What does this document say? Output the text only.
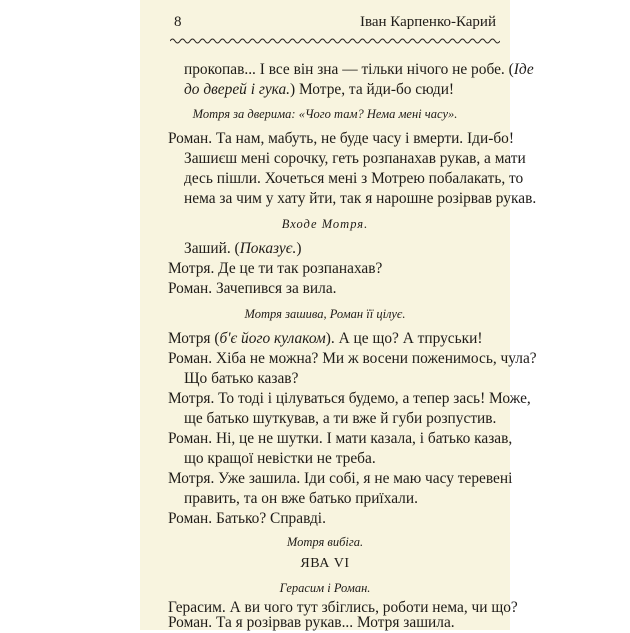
8	Іван Карпенко-Карий
прокопав... І все він зна — тільки нічого не робе. (Іде
до дверей і гука.) Мотре, та йди-бо сюди!
Мотря за дверима: «Чого там? Нема мені часу».
Роман. Та нам, мабуть, не буде часу і вмерти. Іди-бо!
Зашиєш мені сорочку, геть розпанахав рукав, а мати
десь пішли. Хочеться мені з Мотрею побалакать, то
нема за чим у хату йти, так я нарошне розірвав рукав.
Входе Мотря.
Заший. (Показує.)
Мотря. Де це ти так розпанахав?
Роман. Зачепився за вила.
Мотря зашива, Роман її цілує.
Мотря (б'є його кулаком). А це що? А тпруськи!
Роман. Хіба не можна? Ми ж восени поженимось, чула?
Що батько казав?
Мотря. То тоді і цілуваться будемо, а тепер зась! Може,
ще батько шуткував, а ти вже й губи розпустив.
Роман. Ні, це не шутки. І мати казала, і батько казав,
що кращої невістки не треба.
Мотря. Уже зашила. Іди собі, я не маю часу теревені
править, та он вже батько приїхали.
Роман. Батько? Справді.
Мотря вибіга.
ЯВА VI
Герасим і Роман.
Герасим. А ви чого тут збіглись, роботи нема, чи що?
Роман. Та я розірвав рукав... Мотря зашила.
